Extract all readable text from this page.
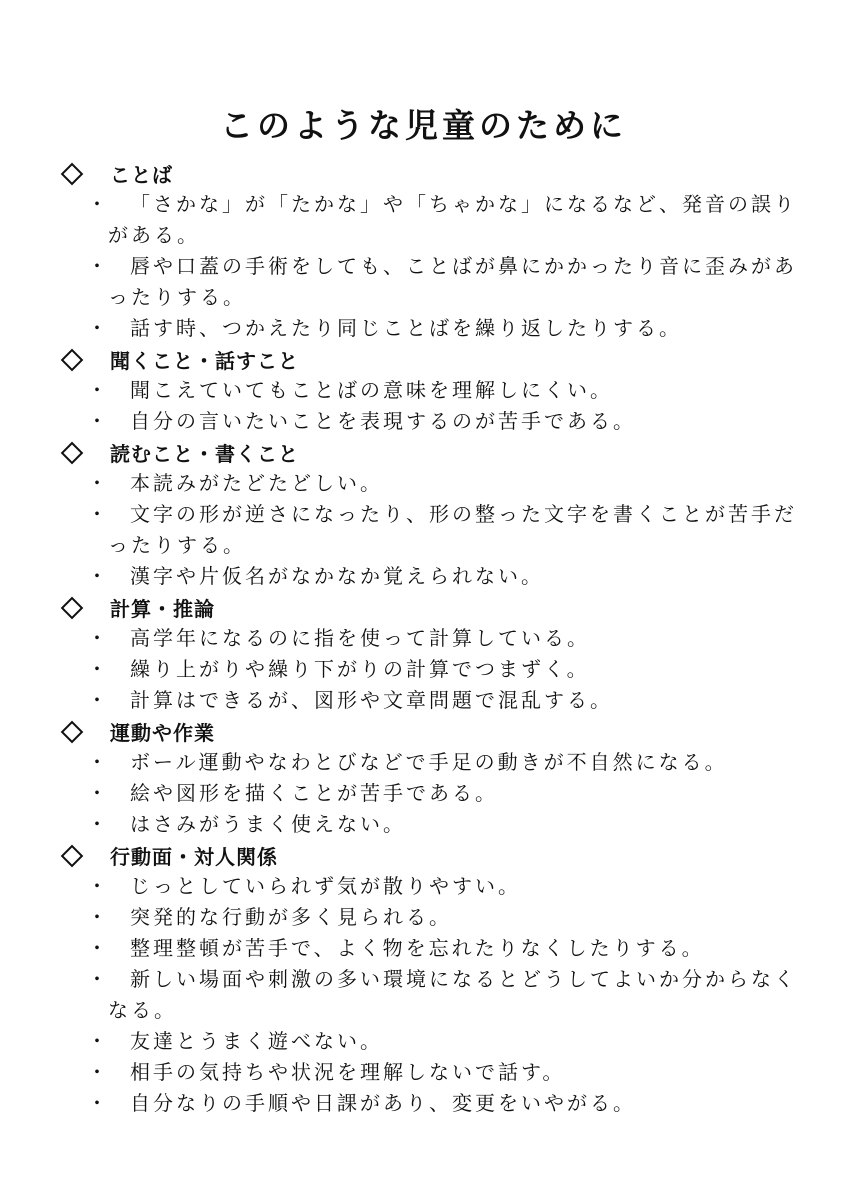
このような児童のために
ことば
・	「さかな」が「たかな」や「ちゃかな」になるなど、発音の誤りがある。
・	唇や口蓋の手術をしても、ことばが鼻にかかったり音に歪みがあったりする。
・	話す時、つかえたり同じことばを繰り返したりする。
聞くこと・話すこと
・	聞こえていてもことばの意味を理解しにくい。
・	自分の言いたいことを表現するのが苦手である。
読むこと・書くこと
・	本読みがたどたどしい。
・	文字の形が逆さになったり、形の整った文字を書くことが苦手だったりする。
・	漢字や片仮名がなかなか覚えられない。
計算・推論
・	高学年になるのに指を使って計算している。
・	繰り上がりや繰り下がりの計算でつまずく。
・	計算はできるが、図形や文章問題で混乱する。
運動や作業
・	ボール運動やなわとびなどで手足の動きが不自然になる。
・	絵や図形を描くことが苦手である。
・	はさみがうまく使えない。
行動面・対人関係
・	じっとしていられず気が散りやすい。
・	突発的な行動が多く見られる。
・	整理整頓が苦手で、よく物を忘れたりなくしたりする。
・	新しい場面や刺激の多い環境になるとどうしてよいか分からなくなる。
・	友達とうまく遊べない。
・	相手の気持ちや状況を理解しないで話す。
・	自分なりの手順や日課があり、変更をいやがる。
